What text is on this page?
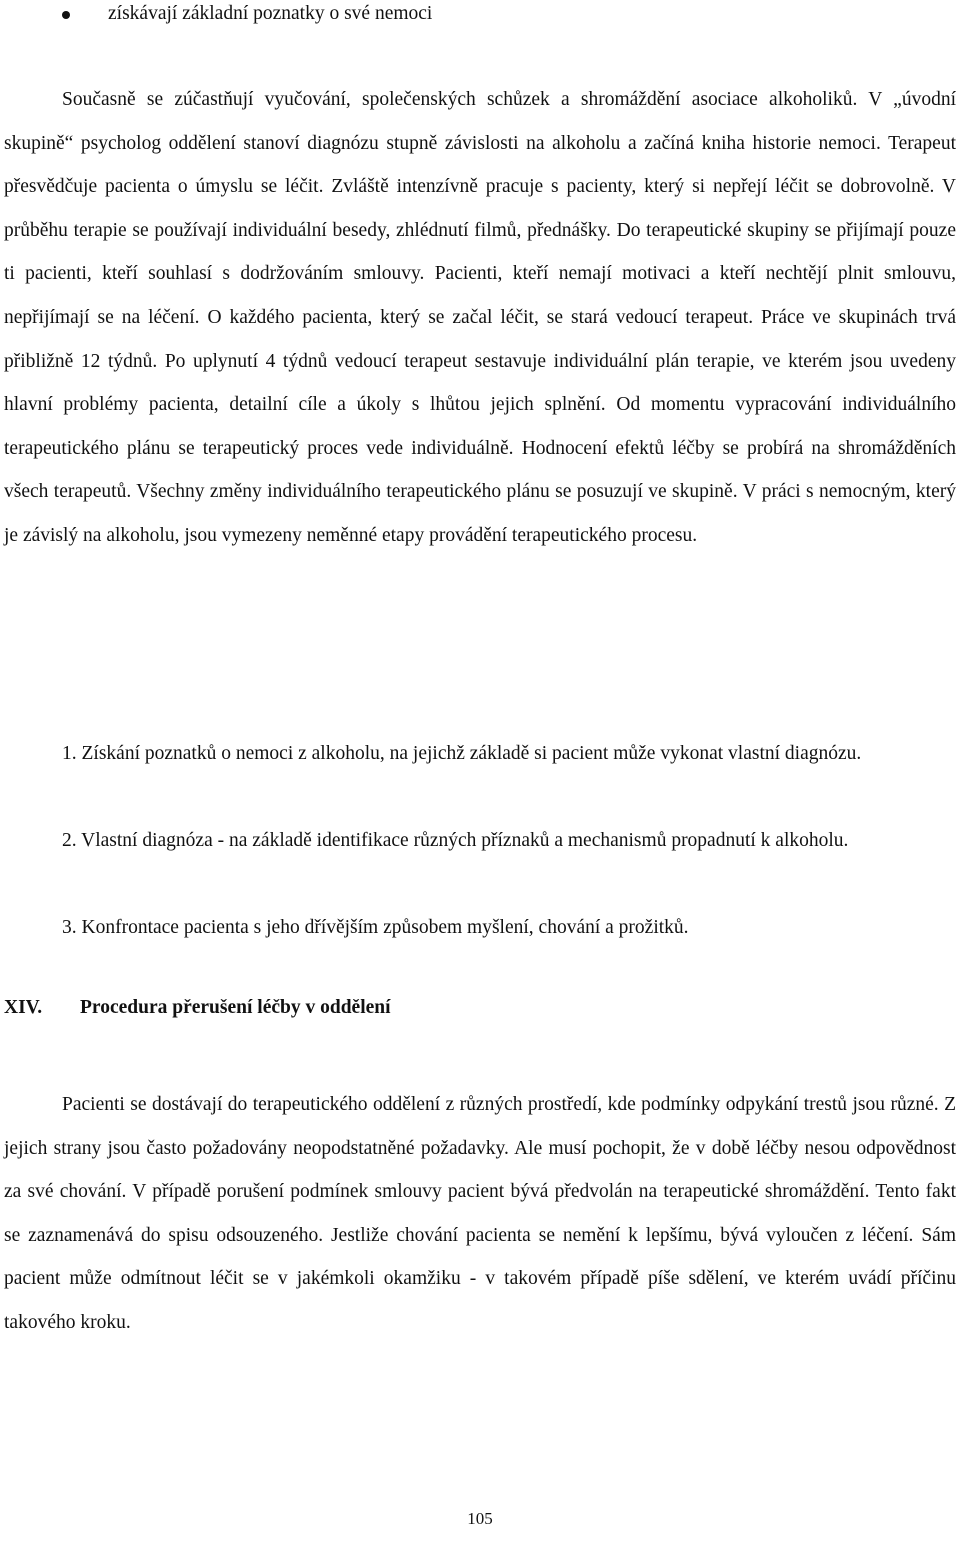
získávají základní poznatky o své nemoci

Současně se zúčastňují vyučování, společenských schůzek a shromáždění asociace alkoholiků. V „úvodní skupině“ psycholog oddělení stanoví diagnózu stupně závislosti na alkoholu a začíná kniha historie nemoci. Terapeut přesvědčuje pacienta o úmyslu se léčit. Zvláště intenzívně pracuje s pacienty, který si nepřejí léčit se dobrovolně. V průběhu terapie se používají individuální besedy, zhlédnutí filmů, přednášky. Do terapeutické skupiny se přijímají pouze ti pacienti, kteří souhlasí s dodržováním smlouvy. Pacienti, kteří nemají motivaci a kteří nechtějí plnit smlouvu, nepřijímají se na léčení. O každého pacienta, který se začal léčit, se stará vedoucí terapeut. Práce ve skupinách trvá přibližně 12 týdnů. Po uplynutí 4 týdnů vedoucí terapeut sestavuje individuální plán terapie, ve kterém jsou uvedeny hlavní problémy pacienta, detailní cíle a úkoly s lhůtou jejich splnění. Od momentu vypracování individuálního terapeutického plánu se terapeutický proces vede individuálně. Hodnocení efektů léčby se probírá na shromážděních všech terapeutů. Všechny změny individuálního terapeutického plánu se posuzují ve skupině. V práci s nemocným, který je závislý na alkoholu, jsou vymezeny neměnné etapy provádění terapeutického procesu.

1. Získání poznatků o nemoci z alkoholu, na jejichž základě si pacient může vykonat vlastní diagnózu.

2. Vlastní diagnóza - na základě identifikace různých příznaků a mechanismů propadnutí k alkoholu.

3. Konfrontace pacienta s jeho dřívějším způsobem myšlení, chování a prožitků.

XIV. Procedura přerušení léčby v oddělení

Pacienti se dostávají do terapeutického oddělení z různých prostředí, kde podmínky odpykání trestů jsou různé. Z jejich strany jsou často požadovány neopodstatněné požadavky. Ale musí pochopit, že v době léčby nesou odpovědnost za své chování. V případě porušení podmínek smlouvy pacient bývá předvolán na terapeutické shromáždění. Tento fakt se zaznamenává do spisu odsouzeného. Jestliže chování pacienta se nemění k lepšímu, bývá vyloučen z léčení. Sám pacient může odmítnout léčit se v jakémkoli okamžiku - v takovém případě píše sdělení, ve kterém uvádí příčinu takového kroku.

105
